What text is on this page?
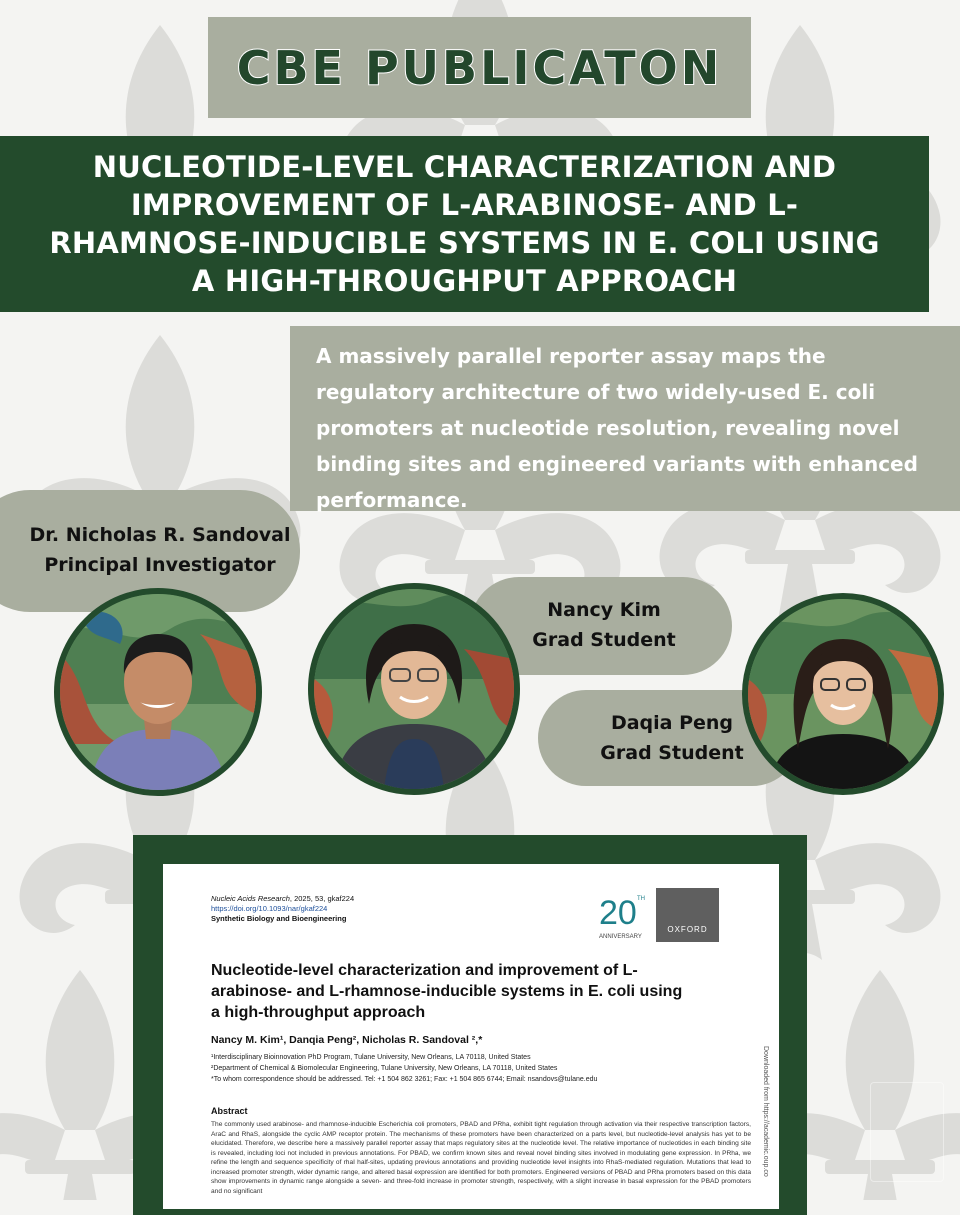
CBE PUBLICATON
NUCLEOTIDE-LEVEL CHARACTERIZATION AND IMPROVEMENT OF L-ARABINOSE- AND L-RHAMNOSE-INDUCIBLE SYSTEMS IN E. COLI USING A HIGH-THROUGHPUT APPROACH
A massively parallel reporter assay maps the regulatory architecture of two widely-used E. coli promoters at nucleotide resolution, revealing novel binding sites and engineered variants with enhanced performance.
Dr. Nicholas R. Sandoval
Principal Investigator
Nancy Kim
Grad Student
Daqia Peng
Grad Student
Nucleic Acids Research, 2025, 53, gkaf224
https://doi.org/10.1093/nar/gkaf224
Synthetic Biology and Bioengineering	20 TH
ANNIVERSARY
OXFORD
Nucleotide-level characterization and improvement of L-arabinose- and L-rhamnose-inducible systems in E. coli using a high-throughput approach
Nancy M. Kim¹, Danqia Peng², Nicholas R. Sandoval ²,*
¹Interdisciplinary Bioinnovation PhD Program, Tulane University, New Orleans, LA 70118, United States
²Department of Chemical & Biomolecular Engineering, Tulane University, New Orleans, LA 70118, United States
*To whom correspondence should be addressed. Tel: +1 504 862 3261; Fax: +1 504 865 6744; Email: nsandovs@tulane.edu
Abstract
The commonly used arabinose- and rhamnose-inducible Escherichia coli promoters, PBAD and PRha, exhibit tight regulation through activation via their respective transcription factors, AraC and RhaS, alongside the cyclic AMP receptor protein. The mechanisms of these promoters have been characterized on a parts level, but nucleotide-level analysis has yet to be elucidated. Therefore, we describe here a massively parallel reporter assay that maps regulatory sites at the nucleotide level. The relative importance of nucleotides in each binding site is revealed, including loci not included in previous annotations. For PBAD, we confirm known sites and reveal novel binding sites involved in modulating gene expression. In PRha, we refine the length and sequence specificity of rhaI half-sites, updating previous annotations and providing nucleotide level insights into RhaS-mediated regulation. Mutations that lead to increased promoter strength, wider dynamic range, and altered basal expression are identified for both promoters. Engineered versions of PBAD and PRha promoters based on this data show improvements in dynamic range alongside a seven- and three-fold increase in promoter strength, respectively, with a slight increase in basal expression for the PBAD promoters and no significant
Downloaded from https://academic.oup.co
